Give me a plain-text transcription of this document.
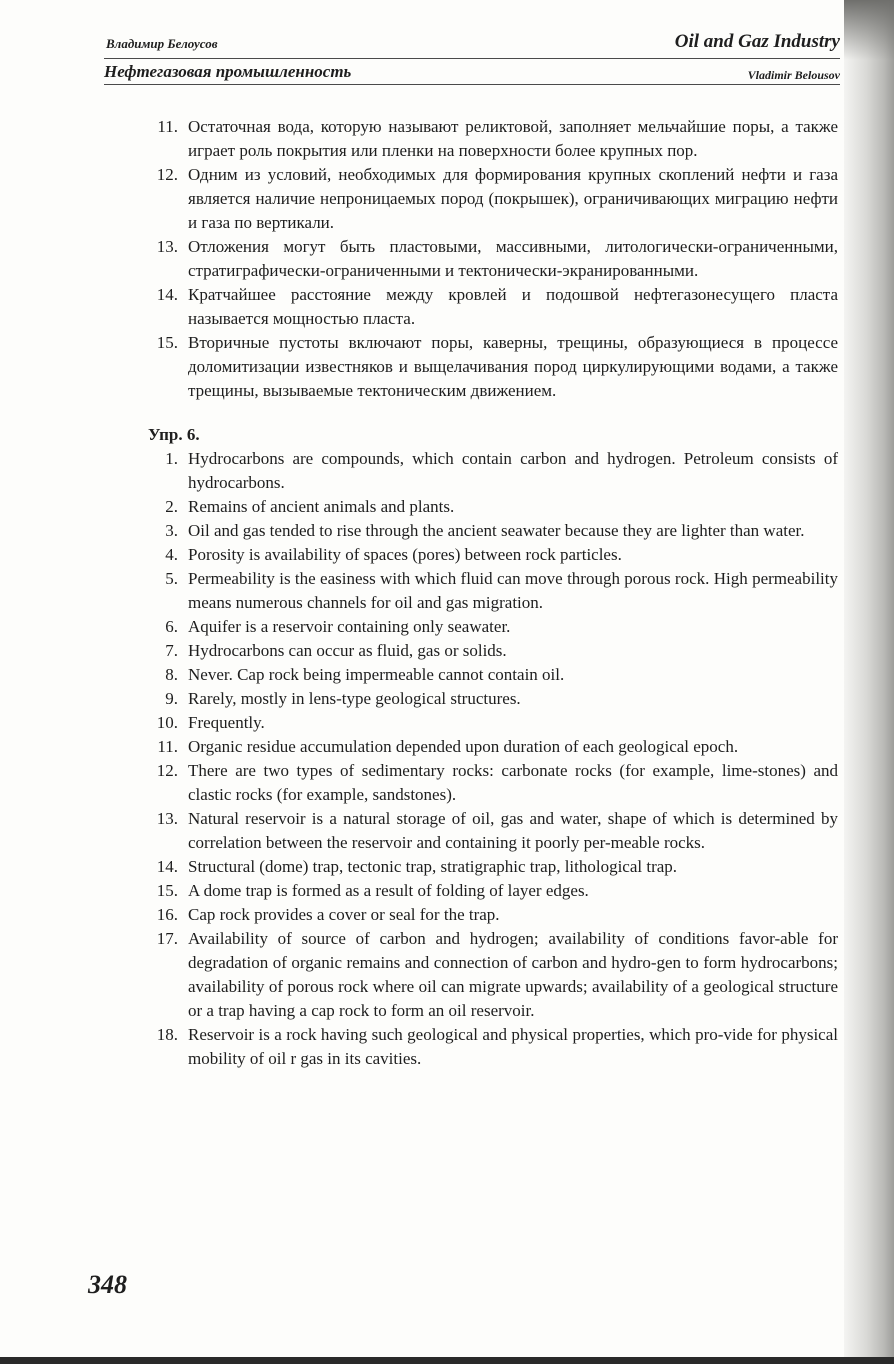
Владимир Белоусов	Oil and Gaz Industry
Нефтегазовая промышленность	Vladimir Belousov
11. Остаточная вода, которую называют реликтовой, заполняет мельчайшие поры, а также играет роль покрытия или пленки на поверхности более крупных пор.
12. Одним из условий, необходимых для формирования крупных скоплений нефти и газа является наличие непроницаемых пород (покрышек), ограничивающих миграцию нефти и газа по вертикали.
13. Отложения могут быть пластовыми, массивными, литологически-ограниченными, стратиграфически-ограниченными и тектонически-экранированными.
14. Кратчайшее расстояние между кровлей и подошвой нефтегазонесущего пласта называется мощностью пласта.
15. Вторичные пустоты включают поры, каверны, трещины, образующиеся в процессе доломитизации известняков и выщелачивания пород циркулирующими водами, а также трещины, вызываемые тектоническим движением.

Упр. 6.

1. Hydrocarbons are compounds, which contain carbon and hydrogen. Petroleum consists of hydrocarbons.
2. Remains of ancient animals and plants.
3. Oil and gas tended to rise through the ancient seawater because they are lighter than water.
4. Porosity is availability of spaces (pores) between rock particles.
5. Permeability is the easiness with which fluid can move through porous rock. High permeability means numerous channels for oil and gas migration.
6. Aquifer is a reservoir containing only seawater.
7. Hydrocarbons can occur as fluid, gas or solids.
8. Never. Cap rock being impermeable cannot contain oil.
9. Rarely, mostly in lens-type geological structures.
10. Frequently.
11. Organic residue accumulation depended upon duration of each geological epoch.
12. There are two types of sedimentary rocks: carbonate rocks (for example, lime-stones) and clastic rocks (for example, sandstones).
13. Natural reservoir is a natural storage of oil, gas and water, shape of which is determined by correlation between the reservoir and containing it poorly per-meable rocks.
14. Structural (dome) trap, tectonic trap, stratigraphic trap, lithological trap.
15. A dome trap is formed as a result of folding of layer edges.
16. Cap rock provides a cover or seal for the trap.
17. Availability of source of carbon and hydrogen; availability of conditions favor-able for degradation of organic remains and connection of carbon and hydro-gen to form hydrocarbons; availability of porous rock where oil can migrate upwards; availability of a geological structure or a trap having a cap rock to form an oil reservoir.
18. Reservoir is a rock having such geological and physical properties, which pro-vide for physical mobility of oil r gas in its cavities.
348
